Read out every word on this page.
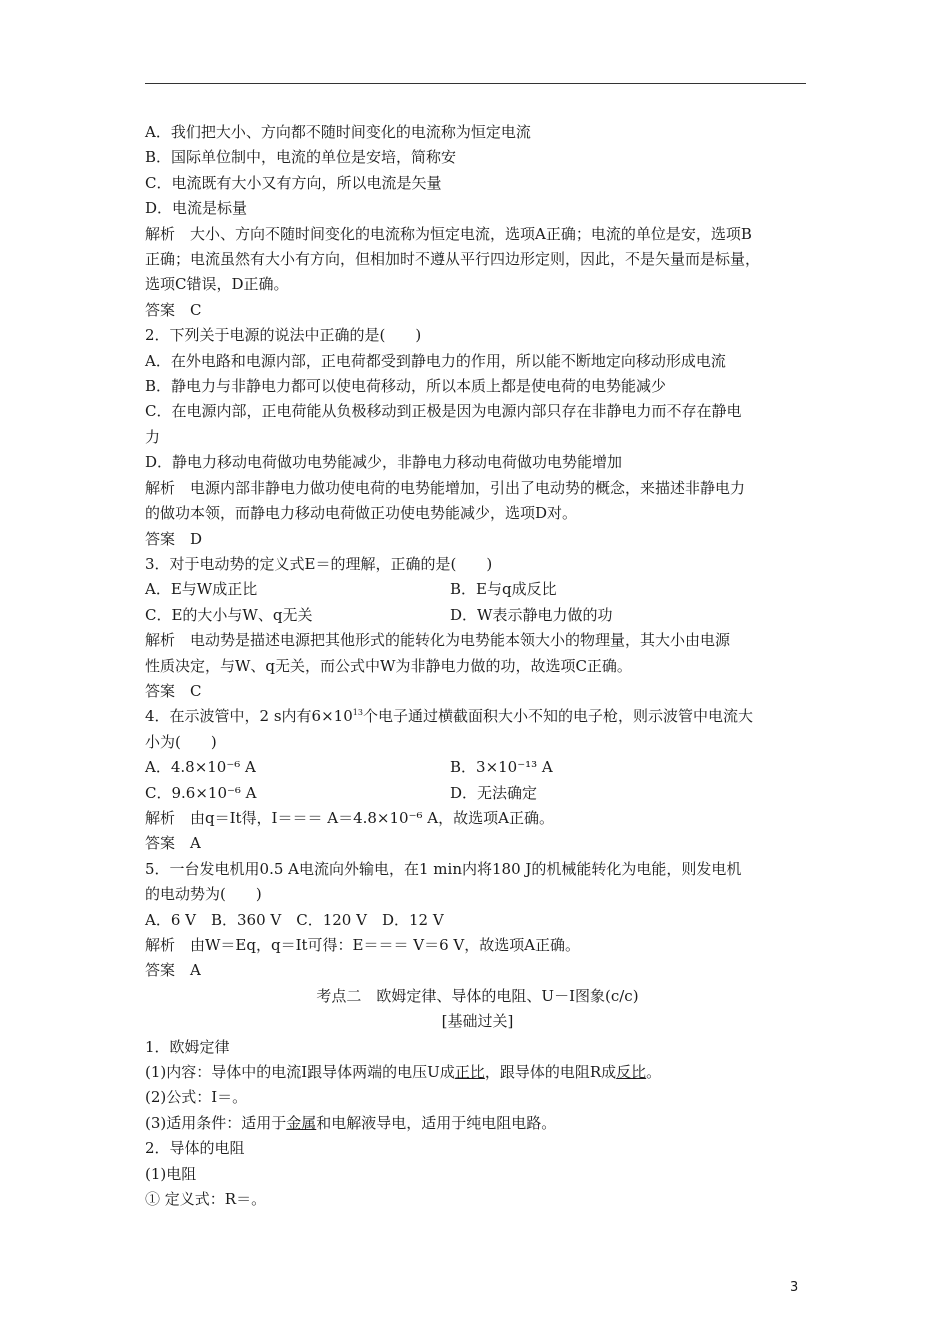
A．我们把大小、方向都不随时间变化的电流称为恒定电流
B．国际单位制中，电流的单位是安培，简称安
C．电流既有大小又有方向，所以电流是矢量
D．电流是标量
解析　大小、方向不随时间变化的电流称为恒定电流，选项A正确；电流的单位是安，选项B
正确；电流虽然有大小有方向，但相加时不遵从平行四边形定则，因此，不是矢量而是标量，
选项C错误，D正确。
答案　C
2．下列关于电源的说法中正确的是(　　)
A．在外电路和电源内部，正电荷都受到静电力的作用，所以能不断地定向移动形成电流
B．静电力与非静电力都可以使电荷移动，所以本质上都是使电荷的电势能减少
C．在电源内部，正电荷能从负极移动到正极是因为电源内部只存在非静电力而不存在静电
力
D．静电力移动电荷做功电势能减少，非静电力移动电荷做功电势能增加
解析　电源内部非静电力做功使电荷的电势能增加，引出了电动势的概念，来描述非静电力
的做功本领，而静电力移动电荷做正功使电势能减少，选项D对。
答案　D
3．对于电动势的定义式E＝的理解，正确的是(　　)
A．E与W成正比	B．E与q成反比
C．E的大小与W、q无关	D．W表示静电力做的功
解析　电动势是描述电源把其他形式的能转化为电势能本领大小的物理量，其大小由电源
性质决定，与W、q无关，而公式中W为非静电力做的功，故选项C正确。
答案　C
4．在示波管中，2 s内有$6\times 10^{13}$个电子通过横截面积大小不知的电子枪，则示波管中电流大
小为(　　)
A．4.8×10⁻⁶ A	B．3×10⁻¹³ A
C．9.6×10⁻⁶ A	D．无法确定
解析　由q＝It得，I＝＝＝ A＝4.8×10⁻⁶ A，故选项A正确。
答案　A
5．一台发电机用0.5 A电流向外输电，在1 min内将180 J的机械能转化为电能，则发电机
的电动势为(　　)
A．6 V　B．360 V　C．120 V　D．12 V
解析　由W＝Eq，q＝It可得：E＝＝＝ V＝6 V，故选项A正确。
答案　A
考点二　欧姆定律、导体的电阻、U－I图象(c/c)
[基础过关]
1．欧姆定律
(1)内容：导体中的电流I跟导体两端的电压U成正比，跟导体的电阻R成反比。
(2)公式：I＝。
(3)适用条件：适用于金属和电解液导电，适用于纯电阻电路。
2．导体的电阻
(1)电阻
① 定义式：R＝。
3
